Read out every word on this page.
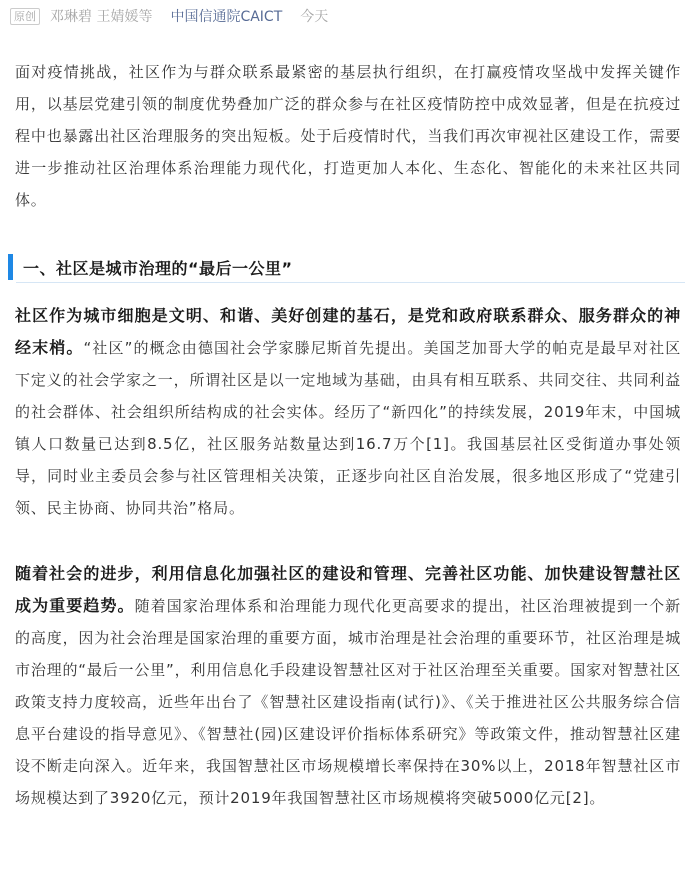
原创 邓琳碧 王婧媛等 中国信通院CAICT 今天

面对疫情挑战，社区作为与群众联系最紧密的基层执行组织，在打赢疫情攻坚战中发挥关键作用，以基层党建引领的制度优势叠加广泛的群众参与在社区疫情防控中成效显著，但是在抗疫过程中也暴露出社区治理服务的突出短板。处于后疫情时代，当我们再次审视社区建设工作，需要进一步推动社区治理体系治理能力现代化，打造更加人本化、生态化、智能化的未来社区共同体。

一、社区是城市治理的“最后一公里”

社区作为城市细胞是文明、和谐、美好创建的基石，是党和政府联系群众、服务群众的神经末梢。“社区”的概念由德国社会学家滕尼斯首先提出。美国芝加哥大学的帕克是最早对社区下定义的社会学家之一，所谓社区是以一定地域为基础，由具有相互联系、共同交往、共同利益的社会群体、社会组织所结构成的社会实体。经历了“新四化”的持续发展，2019年末，中国城镇人口数量已达到8.5亿，社区服务站数量达到16.7万个[1]。我国基层社区受街道办事处领导，同时业主委员会参与社区管理相关决策，正逐步向社区自治发展，很多地区形成了“党建引领、民主协商、协同共治”格局。

随着社会的进步，利用信息化加强社区的建设和管理、完善社区功能、加快建设智慧社区成为重要趋势。随着国家治理体系和治理能力现代化更高要求的提出，社区治理被提到一个新的高度，因为社会治理是国家治理的重要方面，城市治理是社会治理的重要环节，社区治理是城市治理的“最后一公里”，利用信息化手段建设智慧社区对于社区治理至关重要。国家对智慧社区政策支持力度较高，近些年出台了《智慧社区建设指南(试行)》、《关于推进社区公共服务综合信息平台建设的指导意见》、《智慧社(园)区建设评价指标体系研究》等政策文件，推动智慧社区建设不断走向深入。近年来，我国智慧社区市场规模增长率保持在30%以上，2018年智慧社区市场规模达到了3920亿元，预计2019年我国智慧社区市场规模将突破5000亿元[2]。
